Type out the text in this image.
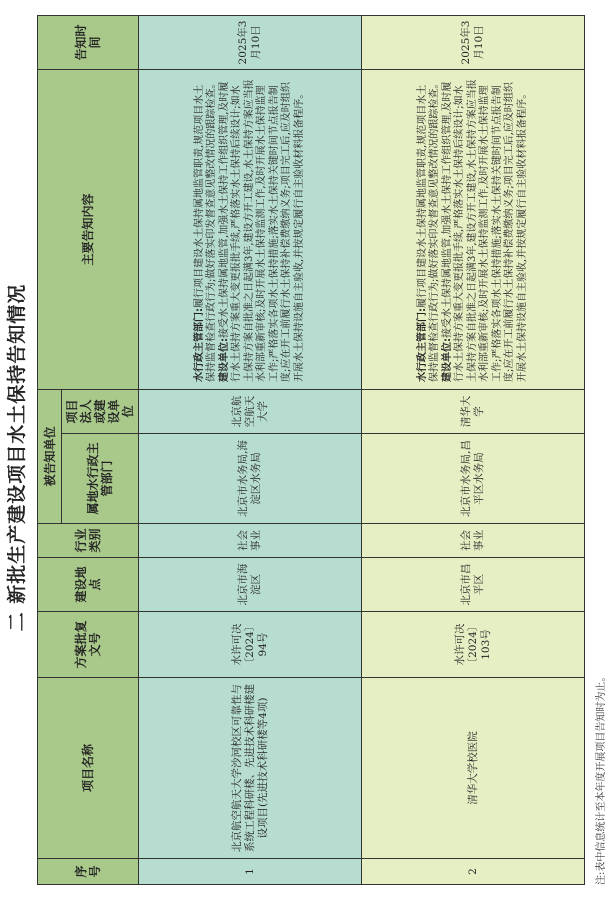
二 新批生产建设项目水土保持告知情况
序号	项目名称	方案批复文号	建设地点	行业类别	被告知单位		主要告知内容	告知时间
					属地水行政主管部门	项目法人或建设单位		
1	北京航空航天大学沙河校区可靠性与系统工程科研楼、先进技术科研楼建设项目(先进技术科研楼等4项)	水许可决〔2024〕94号	北京市海淀区	社会事业	北京市水务局,海淀区水务局	北京航空航天大学	水行政主管部门:履行项目建设水土保持属地监管职责,规范项目水土保持监督检查行政行为;做好落实印发督查意见整改情况的跟踪检查。 建设单位:接受水土保持属地监管,加强水土保持工作组织管理,及时履行水土保持方案重大变更报批手续,严格落实水土保持后续设计;如水土保持方案自批准之日起满3年,建设方开工建设,水土保持方案应当报水利部重新审核;及时开展水土保持监测工作,及时开展水土保持监理工作;严格落实各项水土保持措施;落实水土保持关键时间节点报告制度;应在开工前履行水土保持补偿费缴纳义务;项目完工后,应及时组织开展水土保持设施自主验收,并按规定履行自主验收材料报备程序。	2025年3月10日
2	清华大学校医院	水许可决〔2024〕103号	北京市昌平区	社会事业	北京市水务局,昌平区水务局	清华大学	水行政主管部门:履行项目建设水土保持属地监管职责,规范项目水土保持监督检查行政行为;做好落实印发督查意见整改情况的跟踪检查。 建设单位:接受水土保持属地监管,加强水土保持工作组织管理,及时履行水土保持方案重大变更报批手续,严格落实水土保持后续设计;如水土保持方案自批准之日起满3年,建设方开工建设,水土保持方案应当报水利部重新审核;及时开展水土保持监测工作,及时开展水土保持监理工作;严格落实各项水土保持措施;落实水土保持关键时间节点报告制度;应在开工前履行水土保持补偿费缴纳义务;项目完工后,应及时组织开展水土保持设施自主验收,并按规定履行自主验收材料报备程序。	2025年3月10日
注:表中信息统计至本年度开展项目告知时为止。
